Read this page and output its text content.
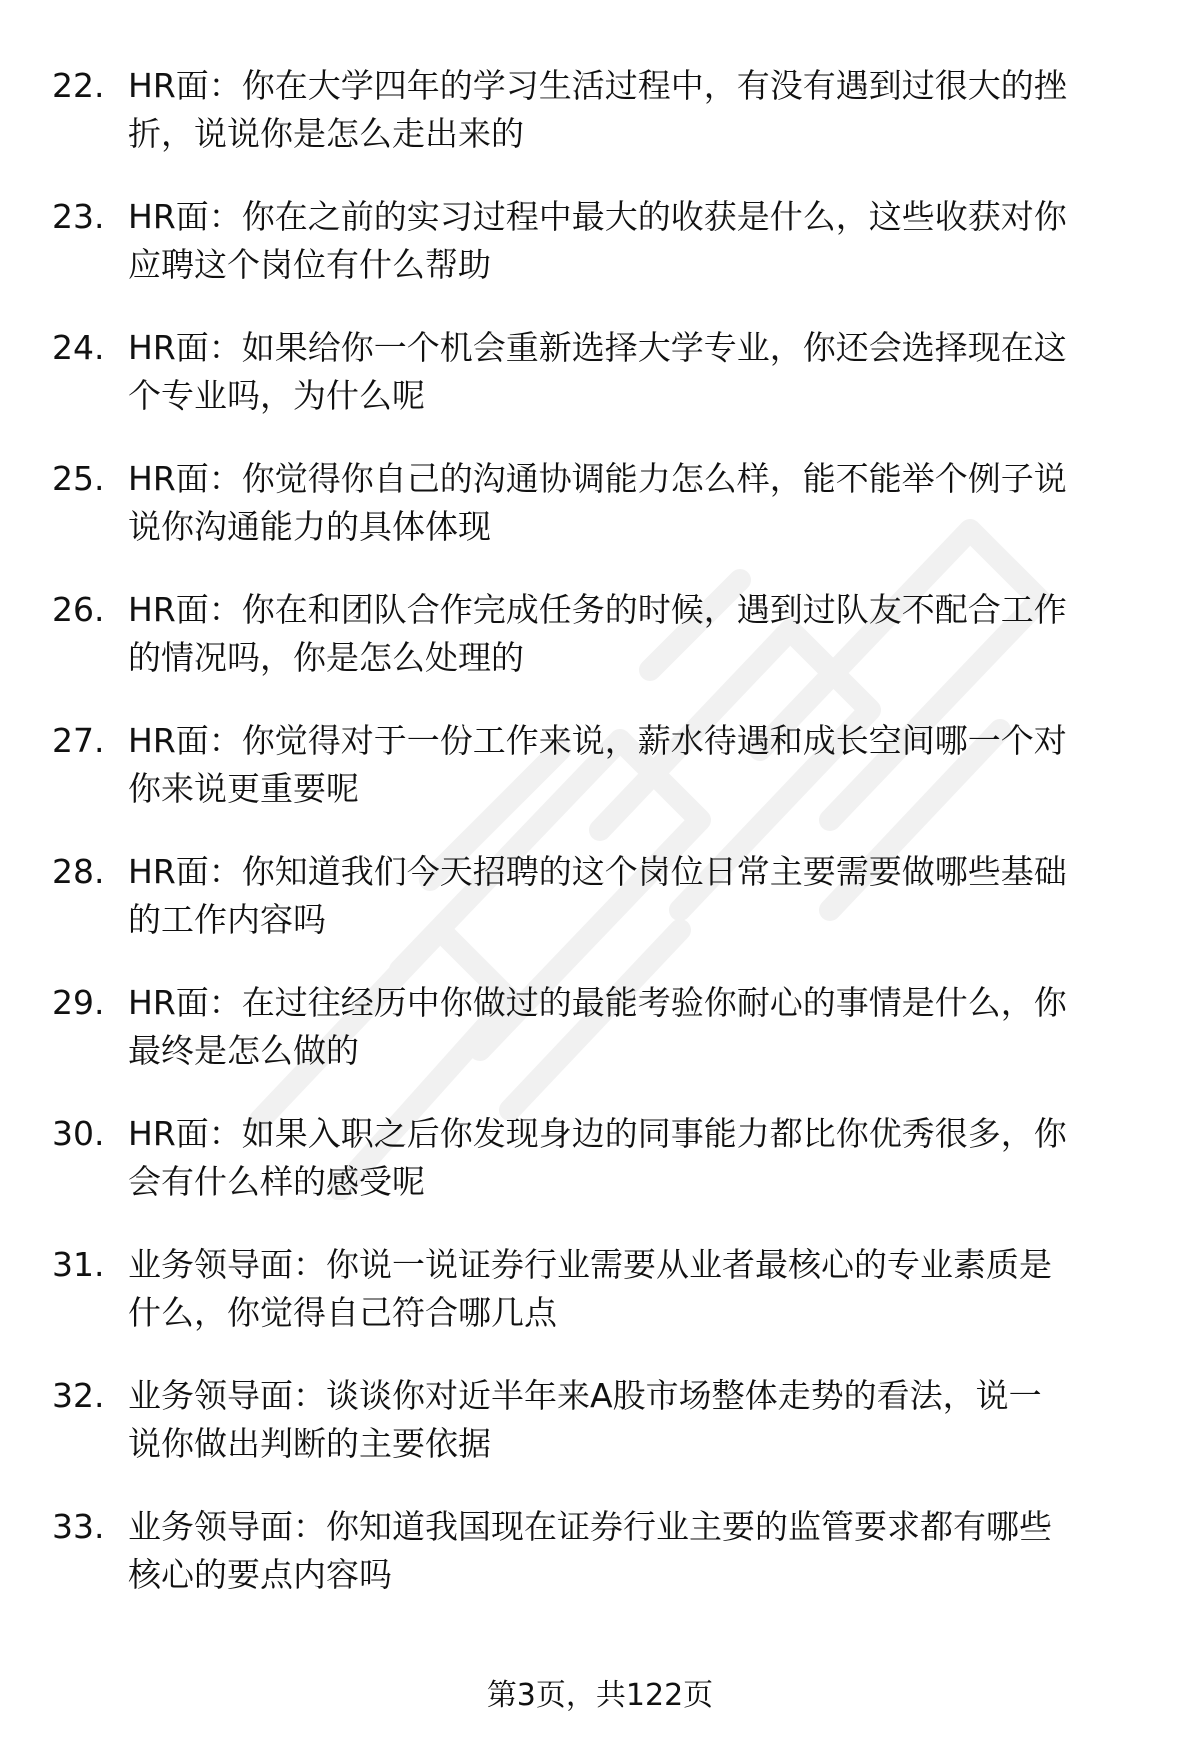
22. HR面：你在大学四年的学习生活过程中，有没有遇到过很大的挫
折，说说你是怎么走出来的
23. HR面：你在之前的实习过程中最大的收获是什么，这些收获对你
应聘这个岗位有什么帮助
24. HR面：如果给你一个机会重新选择大学专业，你还会选择现在这
个专业吗，为什么呢
25. HR面：你觉得你自己的沟通协调能力怎么样，能不能举个例子说
说你沟通能力的具体体现
26. HR面：你在和团队合作完成任务的时候，遇到过队友不配合工作
的情况吗，你是怎么处理的
27. HR面：你觉得对于一份工作来说，薪水待遇和成长空间哪一个对
你来说更重要呢
28. HR面：你知道我们今天招聘的这个岗位日常主要需要做哪些基础
的工作内容吗
29. HR面：在过往经历中你做过的最能考验你耐心的事情是什么，你
最终是怎么做的
30. HR面：如果入职之后你发现身边的同事能力都比你优秀很多，你
会有什么样的感受呢
31. 业务领导面：你说一说证券行业需要从业者最核心的专业素质是
什么，你觉得自己符合哪几点
32. 业务领导面：谈谈你对近半年来A股市场整体走势的看法，说一
说你做出判断的主要依据
33. 业务领导面：你知道我国现在证券行业主要的监管要求都有哪些
核心的要点内容吗
第3页，共122页
